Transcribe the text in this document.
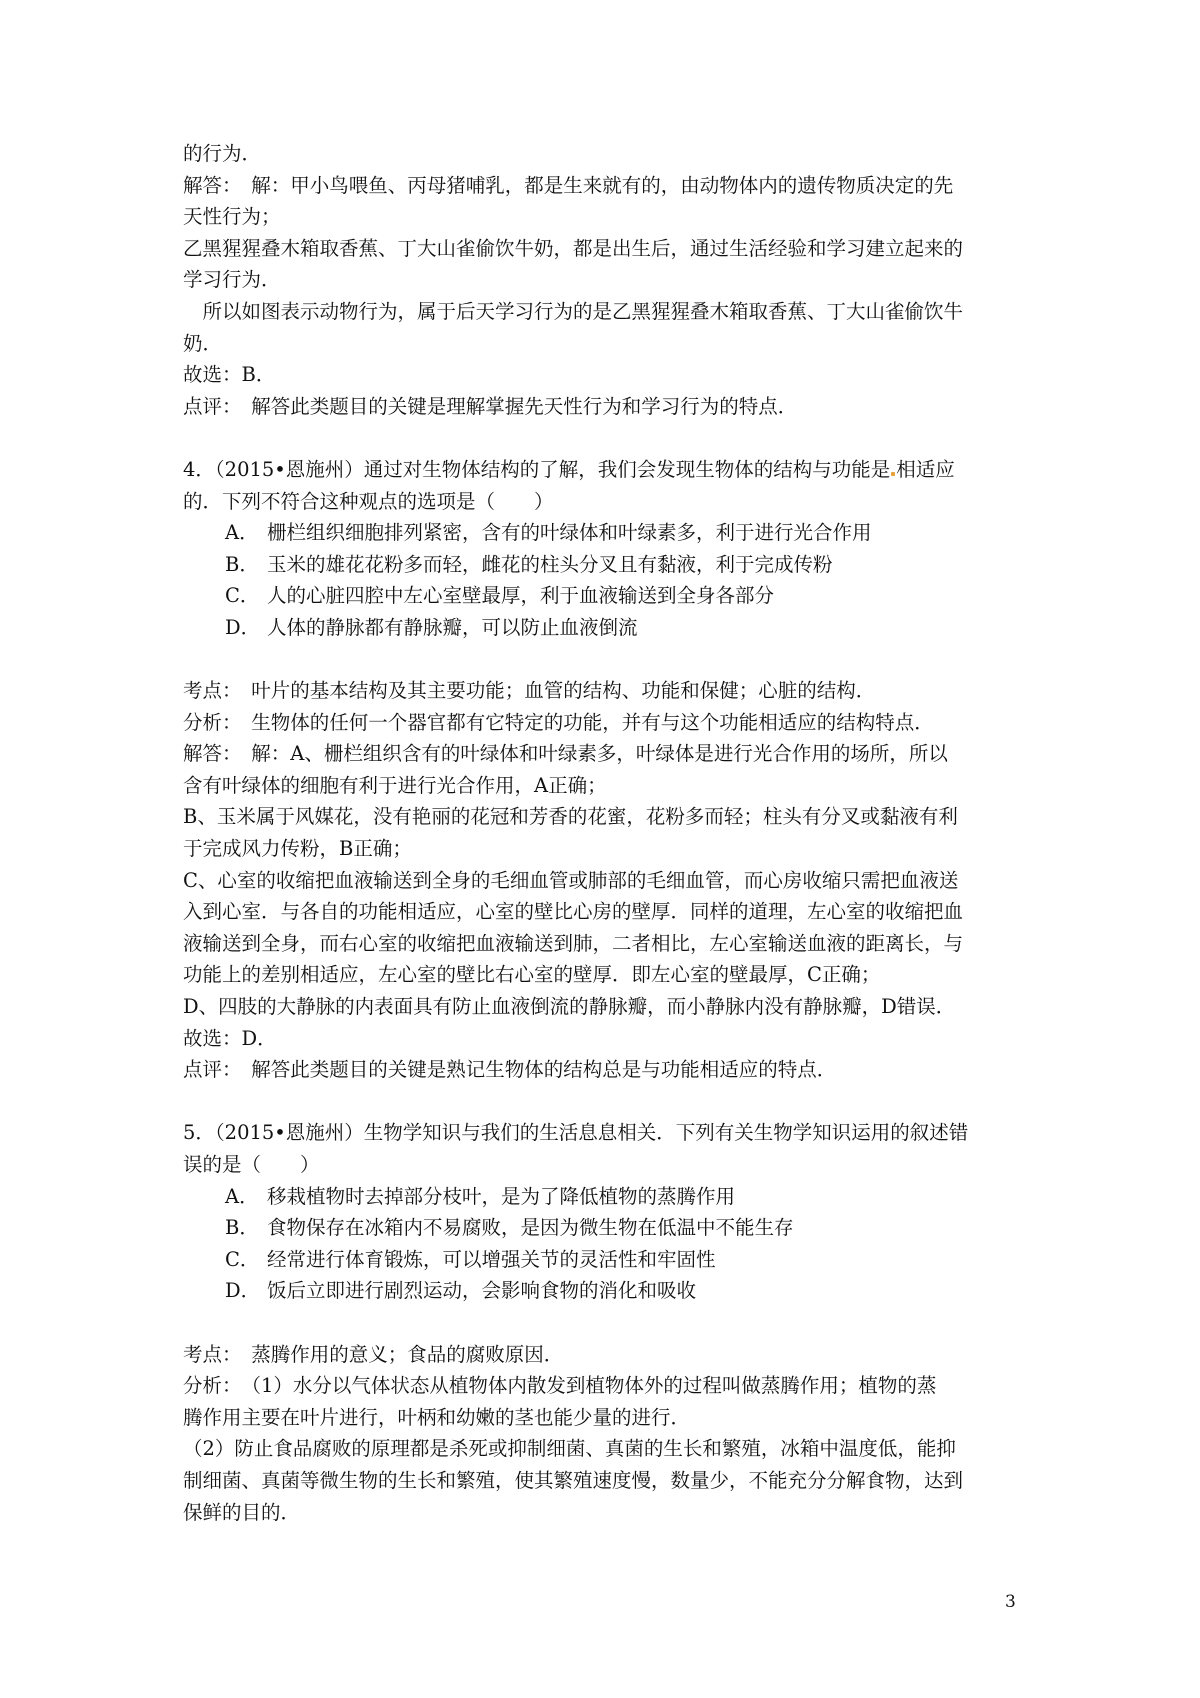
的行为．
解答：　解：甲小鸟喂鱼、丙母猪哺乳，都是生来就有的，由动物体内的遗传物质决定的先
天性行为；
乙黑猩猩叠木箱取香蕉、丁大山雀偷饮牛奶，都是出生后，通过生活经验和学习建立起来的
学习行为．
　所以如图表示动物行为，属于后天学习行为的是乙黑猩猩叠木箱取香蕉、丁大山雀偷饮牛
奶．
故选：B．
点评：　解答此类题目的关键是理解掌握先天性行为和学习行为的特点．
4．（2015•恩施州）通过对生物体结构的了解，我们会发现生物体的结构与功能是 相适应
的．下列不符合这种观点的选项是（　　）
A． 栅栏组织细胞排列紧密，含有的叶绿体和叶绿素多，利于进行光合作用
B． 玉米的雄花花粉多而轻，雌花的柱头分叉且有黏液，利于完成传粉
C． 人的心脏四腔中左心室壁最厚，利于血液输送到全身各部分
D． 人体的静脉都有静脉瓣，可以防止血液倒流
考点：　叶片的基本结构及其主要功能；血管的结构、功能和保健；心脏的结构．
分析：　生物体的任何一个器官都有它特定的功能，并有与这个功能相适应的结构特点．
解答：　解：A、栅栏组织含有的叶绿体和叶绿素多，叶绿体是进行光合作用的场所，所以
含有叶绿体的细胞有利于进行光合作用，A正确；
B、玉米属于风媒花，没有艳丽的花冠和芳香的花蜜，花粉多而轻；柱头有分叉或黏液有利
于完成风力传粉，B正确；
C、心室的收缩把血液输送到全身的毛细血管或肺部的毛细血管，而心房收缩只需把血液送
入到心室．与各自的功能相适应，心室的壁比心房的壁厚．同样的道理，左心室的收缩把血
液输送到全身，而右心室的收缩把血液输送到肺，二者相比，左心室输送血液的距离长，与
功能上的差别相适应，左心室的壁比右心室的壁厚．即左心室的壁最厚，C正确；
D、四肢的大静脉的内表面具有防止血液倒流的静脉瓣，而小静脉内没有静脉瓣，D错误．
故选：D．
点评：　解答此类题目的关键是熟记生物体的结构总是与功能相适应的特点．
5．（2015•恩施州）生物学知识与我们的生活息息相关．下列有关生物学知识运用的叙述错
误的是（　　）
A． 移栽植物时去掉部分枝叶，是为了降低植物的蒸腾作用
B． 食物保存在冰箱内不易腐败，是因为微生物在低温中不能生存
C． 经常进行体育锻炼，可以增强关节的灵活性和牢固性
D． 饭后立即进行剧烈运动，会影响食物的消化和吸收
考点：　蒸腾作用的意义；食品的腐败原因．
分析：　（1）水分以气体状态从植物体内散发到植物体外的过程叫做蒸腾作用；植物的蒸
腾作用主要在叶片进行，叶柄和幼嫩的茎也能少量的进行．
（2）防止食品腐败的原理都是杀死或抑制细菌、真菌的生长和繁殖，冰箱中温度低，能抑
制细菌、真菌等微生物的生长和繁殖，使其繁殖速度慢，数量少，不能充分分解食物，达到
保鲜的目的．
3
